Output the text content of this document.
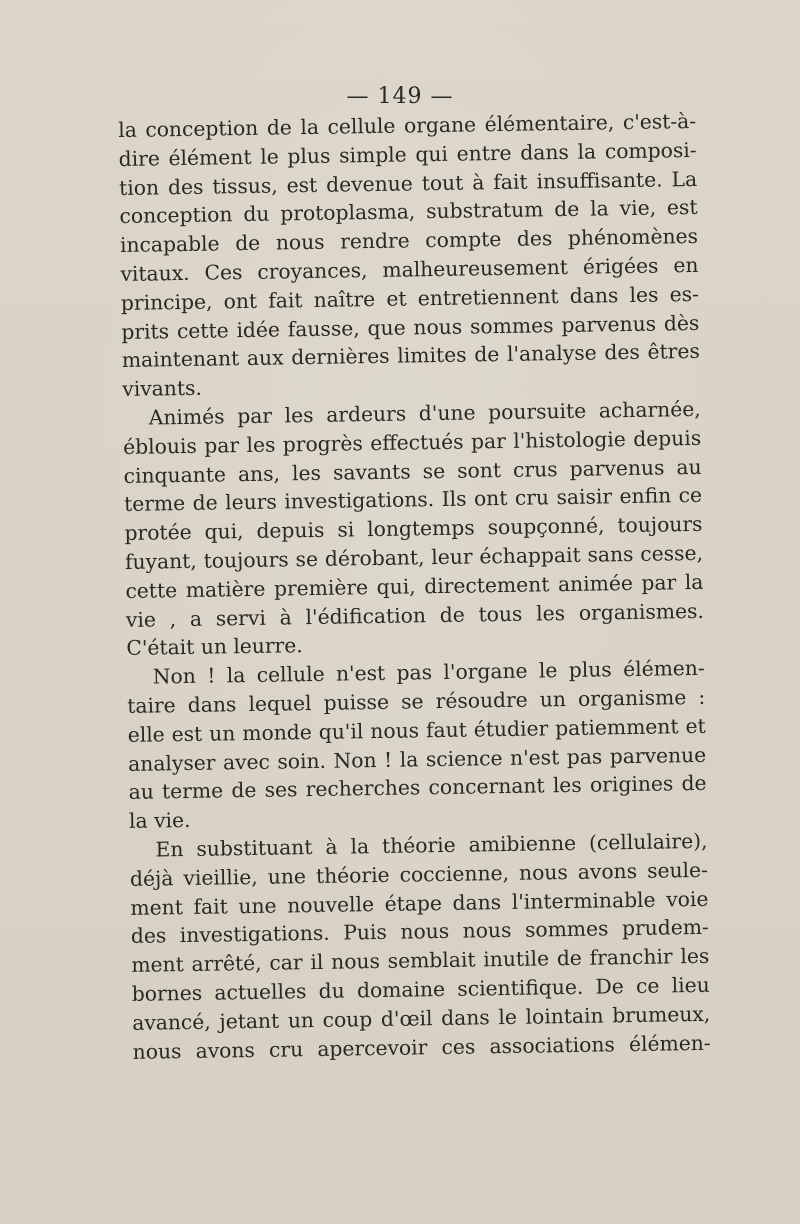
— 149 —
la conception de la cellule organe élémentaire, c'est-à-
dire élément le plus simple qui entre dans la composi-
tion des tissus, est devenue tout à fait insuffisante. La
conception du protoplasma, substratum de la vie, est
incapable de nous rendre compte des phénomènes
vitaux. Ces croyances, malheureusement érigées en
principe, ont fait naître et entretiennent dans les es-
prits cette idée fausse, que nous sommes parvenus dès
maintenant aux dernières limites de l'analyse des êtres
vivants.
Animés par les ardeurs d'une poursuite acharnée,
éblouis par les progrès effectués par l'histologie depuis
cinquante ans, les savants se sont crus parvenus au
terme de leurs investigations. Ils ont cru saisir enfin ce
protée qui, depuis si longtemps soupçonné, toujours
fuyant, toujours se dérobant, leur échappait sans cesse,
cette matière première qui, directement animée par la
vie , a servi à l'édification de tous les organismes.
C'était un leurre.
Non ! la cellule n'est pas l'organe le plus élémen-
taire dans lequel puisse se résoudre un organisme :
elle est un monde qu'il nous faut étudier patiemment et
analyser avec soin. Non ! la science n'est pas parvenue
au terme de ses recherches concernant les origines de
la vie.
En substituant à la théorie amibienne (cellulaire),
déjà vieillie, une théorie coccienne, nous avons seule-
ment fait une nouvelle étape dans l'interminable voie
des investigations. Puis nous nous sommes prudem-
ment arrêté, car il nous semblait inutile de franchir les
bornes actuelles du domaine scientifique. De ce lieu
avancé, jetant un coup d'œil dans le lointain brumeux,
nous avons cru apercevoir ces associations élémen-
